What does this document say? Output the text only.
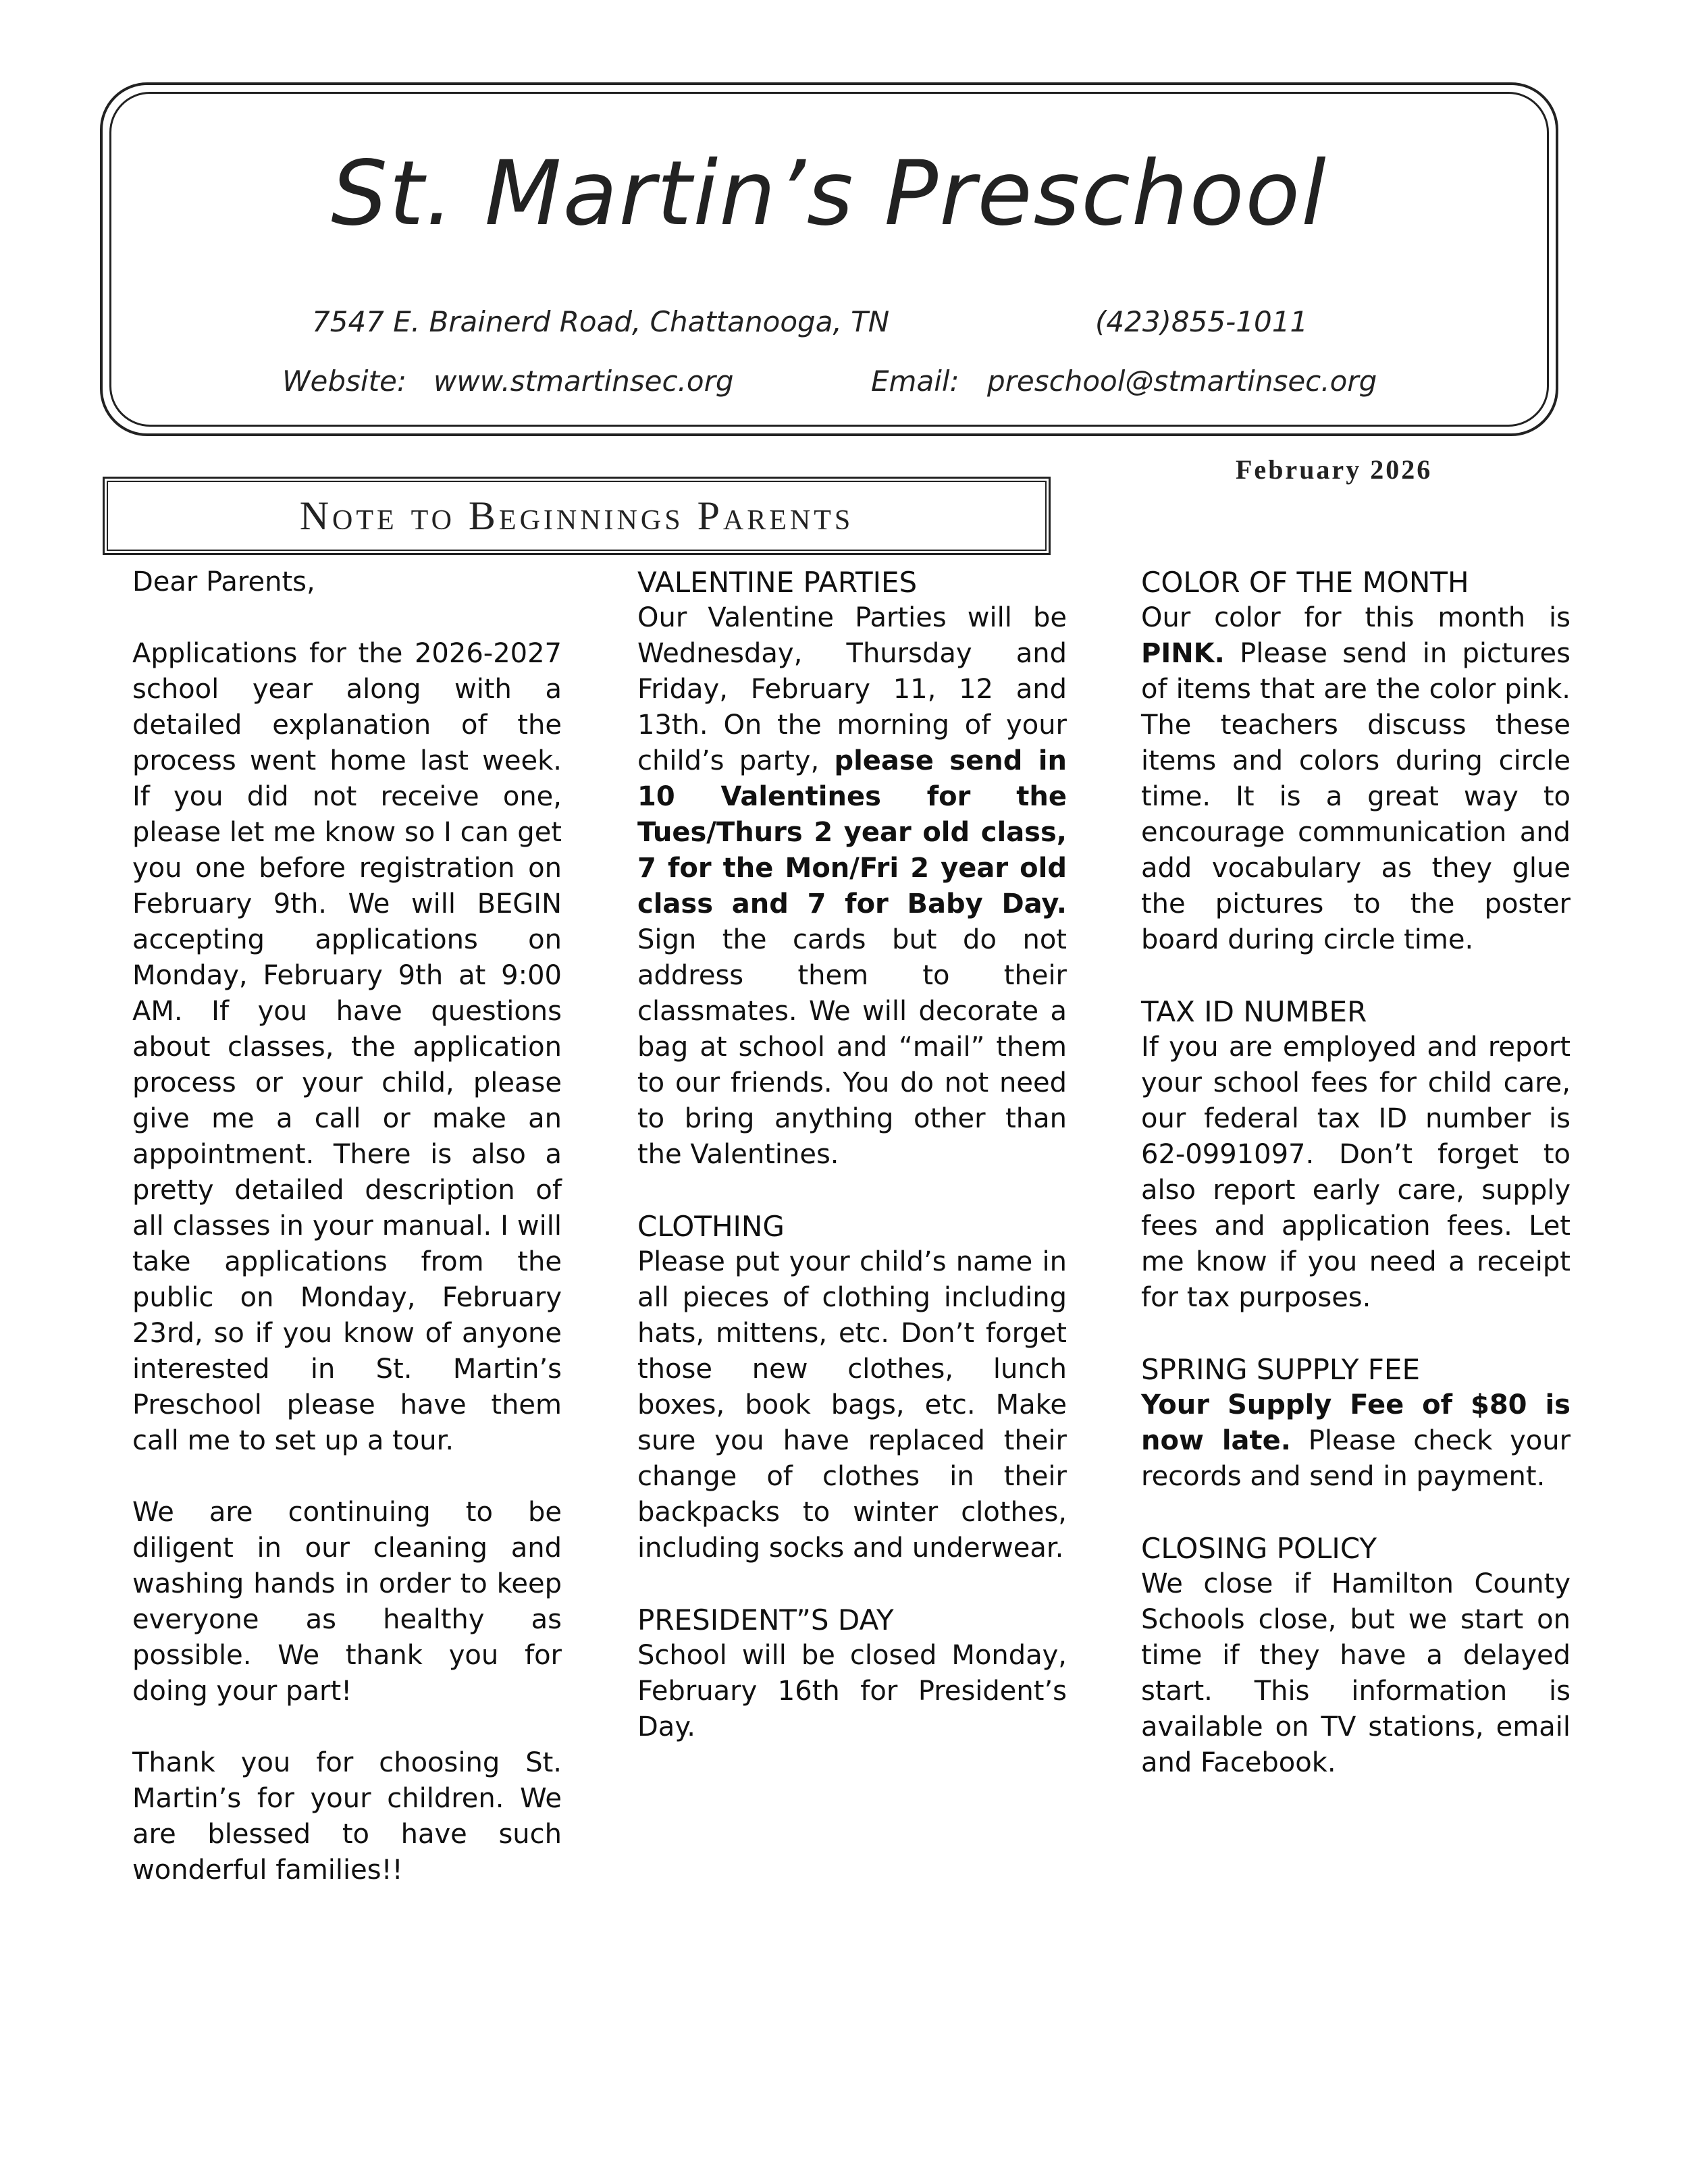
St. Martin’s Preschool
7547 E. Brainerd Road, Chattanooga, TN	(423)855-1011
Website: www.stmartinsec.org	Email: preschool@stmartinsec.org
February 2026
Note to Beginnings Parents

Dear Parents,

Applications for the 2026-2027 school year along with a detailed explanation of the process went home last week. If you did not receive one, please let me know so I can get you one before registration on February 9th. We will BEGIN accepting applications on Monday, February 9th at 9:00 AM. If you have questions about classes, the application process or your child, please give me a call or make an appointment. There is also a pretty detailed description of all classes in your manual. I will take applications from the public on Monday, February 23rd, so if you know of anyone interested in St. Martin’s Preschool please have them call me to set up a tour.

We are continuing to be diligent in our cleaning and washing hands in order to keep everyone as healthy as possible. We thank you for doing your part!

Thank you for choosing St. Martin’s for your children. We are blessed to have such wonderful families!!

VALENTINE PARTIES

Our Valentine Parties will be Wednesday, Thursday and Friday, February 11, 12 and 13th. On the morning of your child’s party, please send in 10 Valentines for the Tues/Thurs 2 year old class, 7 for the Mon/Fri 2 year old class and 7 for Baby Day. Sign the cards but do not address them to their classmates. We will decorate a bag at school and “mail” them to our friends. You do not need to bring anything other than the Valentines.

CLOTHING

Please put your child’s name in all pieces of clothing including hats, mittens, etc. Don’t forget those new clothes, lunch boxes, book bags, etc. Make sure you have replaced their change of clothes in their backpacks to winter clothes, including socks and underwear.

PRESIDENT”S DAY

School will be closed Monday, February 16th for President’s Day.

COLOR OF THE MONTH

Our color for this month is PINK. Please send in pictures of items that are the color pink. The teachers discuss these items and colors during circle time. It is a great way to encourage communication and add vocabulary as they glue the pictures to the poster board during circle time.

TAX ID NUMBER

If you are employed and report your school fees for child care, our federal tax ID number is 62-0991097. Don’t forget to also report early care, supply fees and application fees. Let me know if you need a receipt for tax purposes.

SPRING SUPPLY FEE

Your Supply Fee of $80 is now late. Please check your records and send in payment.

CLOSING POLICY

We close if Hamilton County Schools close, but we start on time if they have a delayed start. This information is available on TV stations, email and Facebook.
